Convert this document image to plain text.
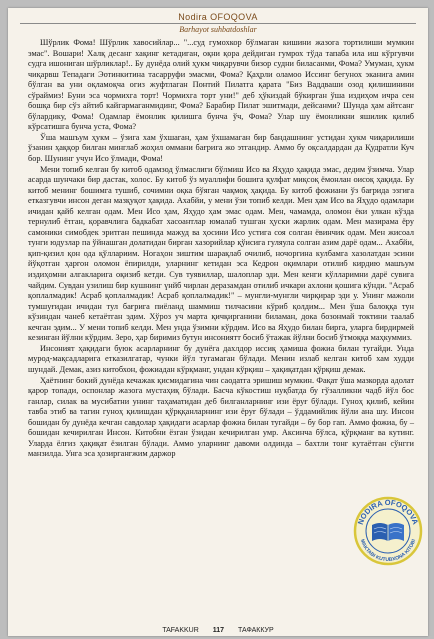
Nodira OFOQOVA
Barhayot suhbatdoshlar

Шўрлик Фома! Шўрлик хавосийлар... "...суд гумохкор бўлмаган кишини жазога тортилиши мумкин эмас". Вошари! Халқ десанг хақинг кетадиган, оқни қора дейдиган гумрох тўда тапаба ила иш кўргувчи судга ишониган шўрликлар!.. Бу дунёда олий ҳукм чиқарувчи бизор судни биласанми, Фома? Умуман, ҳукм чиқарвш Тепадаги Эотинкитина тасарруфи эмасми, Фома? Қаҳрли оламоо Иссинг бегунох эканига амин бўлган ва уни оқламоқча огиз жуфтлаган Понтий Пилатга қарата "Биз Ваддваши озод қилишинини сўраймиз! Буни эса чормихга торт! Чормихга торт уни!" деб ҳўкиздай бўкирган ўша издиҳом ичра сен бошқа бир сўз айтиб кайгармаганмидинг, Фома? Барабир Пилат эшитмади, дейсанми? Шунда ҳам айтсанг бўлардику, Фома! Одамлар ёмонлик қилишга бунча ўч, Фома? Улар шу ёмонликни яшилик қилиб кўрсатишга бунча уста, Фома?

Ўша машъум ҳукм – ўзига хам ўхшаган, ҳам ўхшамаган бир бандашнинг устидан ҳукм чиқарилиши ўзанин ҳаққор билган минглаб жоҳил оммани бағрига жо этгандир. Аммо бу оқсалдардан да Қудратли Куч бор. Шунинг учун Исо ўлмади, Фома!

Мени топиб келган бу китоб одамзод ўлмаслиги бўлмиш Исо ва Яҳудо ҳақида эмас, дедим ўзимча. Улар асарда шунчаки бир дастак, холос. Бу китоб ўз муаллифи бошига қулфат миқсоқ ёмонлан оисоқ ҳақида. Бу китоб менинг бошимга тушиб, сочимни оқка бўяган чақмоқ ҳақида. Бу китоб фожиани ўз бағрида эзгига етказгувчи инсон деган мазқуқот ҳақида. Ахабйи, у мени ўзи топиб келди. Мен ҳам Исо ва Яҳудо одамлари ичидан қайб келган одам. Мен Исо ҳам, Яҳудо ҳам эмас одам. Мен, чамамда, оломон ёки улкан кўзда тернулиб ётган, қоравчлига бадкабат хасоантлар юмалаб тушган ҳуски жарлик одам. Мен мазирама ёру самоники симобдек эритган пешинда мажуд ва ҳосини Исо устига соя солган ёвинчик одам. Мен жисоал тунги юдузлар па ўйнашган долатидан бирган хазорийлар қўисига гуляула солган азим дарё одам... Ахабйи, қип-қизил қон ода қўллариим. Ногаҳон зиштим шарақлаб очилиб, ночоргина кулбамга хазолатдан эсини йўқотган ҳаргон оломон ёпирилди, уларнинг кетидан эса Кедрон оқимлари отилиб кирдию машъум издиҳомни алгакларига оқизиб кетди. Сув туявиллар, шалоплар эди. Мен кенги кўлларимни дарё сувига чайдим. Сувдан узилиш бир кушнинг үнйб чирлан деразамдан отилиб ичкари ахлони қошига кўнди. "Асраб қоплалмадик! Асраб қоплалмадик! Асраб қоплалмадик!" – мунгли-мунгли чирқирар эди у. Унинг мажоли тумшуғидан ичидан тул бағрига пиёланд шаммиш тилчасини кўриб қолдим... Мен ўша балоққа тун кўзиндан чанеб кетаётган эдим. Хўроз уч марта қичқирганини биламан, дока бозонмай токтини таалаб кечган эдим... У мени топиб келди. Мен унда ўзимни кўрдим. Исо ва Яҳудо билан бирга, уларга бирдирмей кезинган йўлни кўрдим. Зеро, ҳар биримиз бутун инсониятт босиб ўтажак йўлни босиб ўтмоққа маҳкуммиз.

Инсоният ҳақидаги буюк асарларнинг бу дунёга дахлдор иссиқ ҳамиша фожиа билан тугайди. Унда мурод-мақсадларига етказилгатар, чунки йўл тугамаган бўлади. Менин излаб келган китоб хам худди шундай. Демак, азиз китобхон, фожиадан кўрқманг, ундан кўрқиш – ҳақиқатдан қўрқиш демак.

Ҳаётнинг бокий дунёда кечажак қисмидагина чин саодатга эришиш мумкин. Фақат ўша мазкорда адолат қарор топади, оспонлар жазога мустаҳиқ бўлади. Басча кўкостиш нуқбатда бу гўзалликни чадб йўл бос ганлар, силак ва мусибатни унинг таҳаматидан деб билганларнинг изи ёруғ бўлади. Гуноҳ қилиб, кейин тавба этиб ва тагин гуноҳ қилишдан қўрққанларнинг изи ёруғ бўлади – ўддамийлик йўли ана шу. Инсон бошидан бу дунёда кечган савдолар ҳақидаги асарлар фожиа билан тугайди – бу бор гап. Аммо фожиа, бу – бошидан кечирилган Инсон. Китобни ёзган ўзидан кечирилган умр. Аксинча бўлса, қўрқманг ва кутинг. Уларда ёлғиз ҳақиқат ёзилган бўлади. Аммо уларнинг давоми олдинда – бахтли тонг кутаётган сўнгги манзилда. Унга эса ҳозиргангжим даржор

NODIRA OFOQOVA
MAKTABI KUTUBXONA KITOBI
TAFAKKUR 117 ТАФАККУР
